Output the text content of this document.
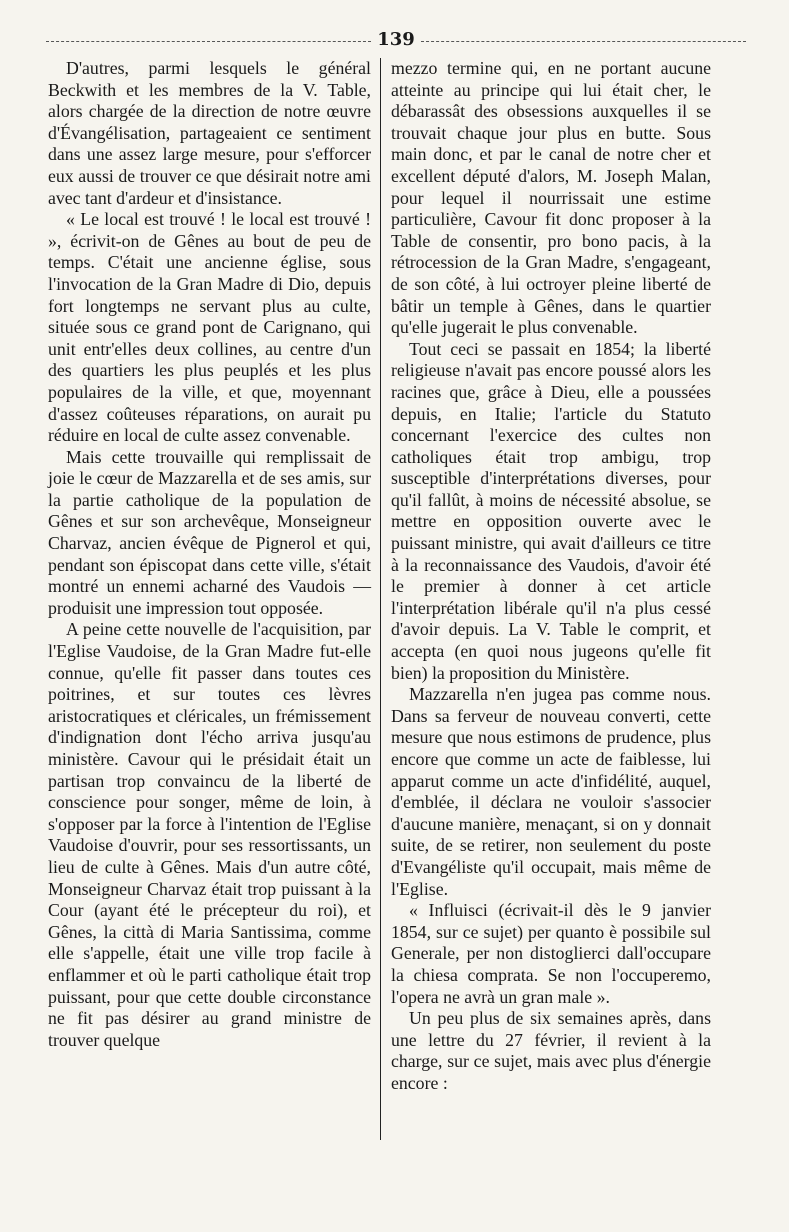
139

D'autres, parmi lesquels le général Beckwith et les membres de la V. Table, alors chargée de la direction de notre œuvre d'Évangélisation, partageaient ce sentiment dans une assez large mesure, pour s'efforcer eux aussi de trouver ce que désirait notre ami avec tant d'ardeur et d'insistance.

« Le local est trouvé ! le local est trouvé ! », écrivit-on de Gênes au bout de peu de temps. C'était une ancienne église, sous l'invocation de la Gran Madre di Dio, depuis fort longtemps ne servant plus au culte, située sous ce grand pont de Carignano, qui unit entr'elles deux collines, au centre d'un des quartiers les plus peuplés et les plus populaires de la ville, et que, moyennant d'assez coûteuses réparations, on aurait pu réduire en local de culte assez convenable.

Mais cette trouvaille qui remplissait de joie le cœur de Mazzarella et de ses amis, sur la partie catholique de la population de Gênes et sur son archevêque, Monseigneur Charvaz, ancien évêque de Pignerol et qui, pendant son épiscopat dans cette ville, s'était montré un ennemi acharné des Vaudois — produisit une impression tout opposée.

A peine cette nouvelle de l'acquisition, par l'Eglise Vaudoise, de la Gran Madre fut-elle connue, qu'elle fit passer dans toutes ces poitrines, et sur toutes ces lèvres aristocratiques et cléricales, un frémissement d'indignation dont l'écho arriva jusqu'au ministère. Cavour qui le présidait était un partisan trop convaincu de la liberté de conscience pour songer, même de loin, à s'opposer par la force à l'intention de l'Eglise Vaudoise d'ouvrir, pour ses ressortissants, un lieu de culte à Gênes. Mais d'un autre côté, Monseigneur Charvaz était trop puissant à la Cour (ayant été le précepteur du roi), et Gênes, la città di Maria Santissima, comme elle s'appelle, était une ville trop facile à enflammer et où le parti catholique était trop puissant, pour que cette double circonstance ne fit pas désirer au grand ministre de trouver quelque

mezzo termine qui, en ne portant aucune atteinte au principe qui lui était cher, le débarassât des obsessions auxquelles il se trouvait chaque jour plus en butte. Sous main donc, et par le canal de notre cher et excellent député d'alors, M. Joseph Malan, pour lequel il nourrissait une estime particulière, Cavour fit donc proposer à la Table de consentir, pro bono pacis, à la rétrocession de la Gran Madre, s'engageant, de son côté, à lui octroyer pleine liberté de bâtir un temple à Gênes, dans le quartier qu'elle jugerait le plus convenable.

Tout ceci se passait en 1854; la liberté religieuse n'avait pas encore poussé alors les racines que, grâce à Dieu, elle a poussées depuis, en Italie; l'article du Statuto concernant l'exercice des cultes non catholiques était trop ambigu, trop susceptible d'interprétations diverses, pour qu'il fallût, à moins de nécessité absolue, se mettre en opposition ouverte avec le puissant ministre, qui avait d'ailleurs ce titre à la reconnaissance des Vaudois, d'avoir été le premier à donner à cet article l'interprétation libérale qu'il n'a plus cessé d'avoir depuis. La V. Table le comprit, et accepta (en quoi nous jugeons qu'elle fit bien) la proposition du Ministère.

Mazzarella n'en jugea pas comme nous. Dans sa ferveur de nouveau converti, cette mesure que nous estimons de prudence, plus encore que comme un acte de faiblesse, lui apparut comme un acte d'infidélité, auquel, d'emblée, il déclara ne vouloir s'associer d'aucune manière, menaçant, si on y donnait suite, de se retirer, non seulement du poste d'Evangéliste qu'il occupait, mais même de l'Eglise.

« Influisci (écrivait-il dès le 9 janvier 1854, sur ce sujet) per quanto è possibile sul Generale, per non distoglierci dall'occupare la chiesa comprata. Se non l'occuperemo, l'opera ne avrà un gran male ».

Un peu plus de six semaines après, dans une lettre du 27 février, il revient à la charge, sur ce sujet, mais avec plus d'énergie encore :
